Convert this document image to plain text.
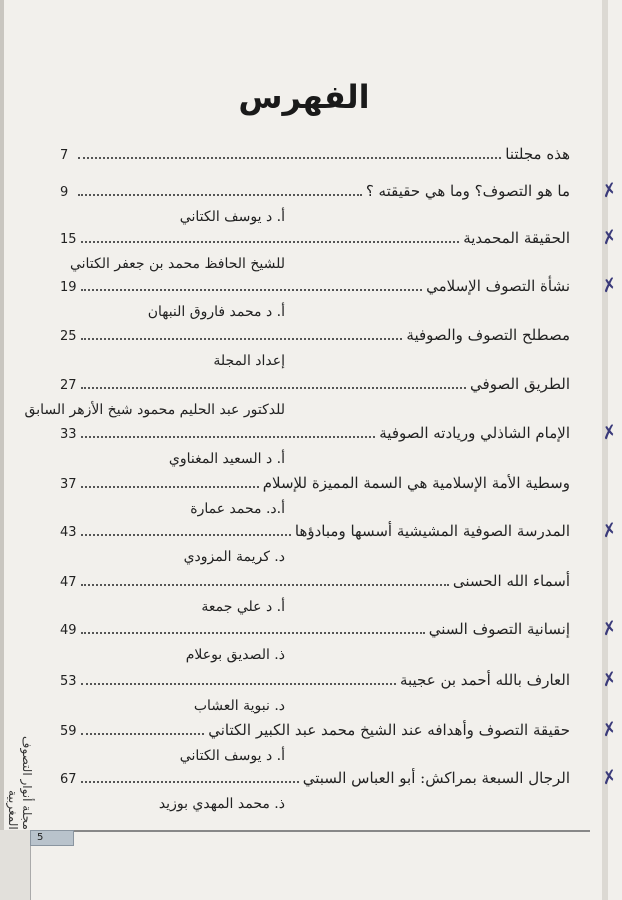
الفهرس
هذه مجلتنا
7
ما هو التصوف؟ وما هي حقيقته ؟
9
أ. د يوسف الكتاني
✗
الحقيقة المحمدية
15
للشيخ الحافظ محمد بن جعفر الكتاني
✗
نشأة التصوف الإسلامي
19
أ. د محمد فاروق النبهان
✗
مصطلح التصوف والصوفية
25
إعداد المجلة
الطريق الصوفي
27
للدكتور عبد الحليم محمود شيخ الأزهر السابق
الإمام الشاذلي وريادته الصوفية
33
أ. د السعيد المغناوي
✗
وسطية الأمة الإسلامية هي السمة المميزة للإسلام
37
أ.د. محمد عمارة
المدرسة الصوفية المشيشية أسسها ومبادؤها
43
د. كريمة المزودي
✗
أسماء الله الحسنى
47
أ. د علي جمعة
إنسانية التصوف السني
49
ذ. الصديق بوعلام
✗
العارف بالله أحمد بن عجيبة
53
د. نبوية العشاب
✗
حقيقة التصوف وأهدافه عند الشيخ محمد عبد الكبير الكتاني
59
أ. د يوسف الكتاني
✗
الرجال السبعة بمراكش: أبو العباس السبتي
67
ذ. محمد المهدي بوزيد
✗
مجلة أنوار التصوف المغربية
5
